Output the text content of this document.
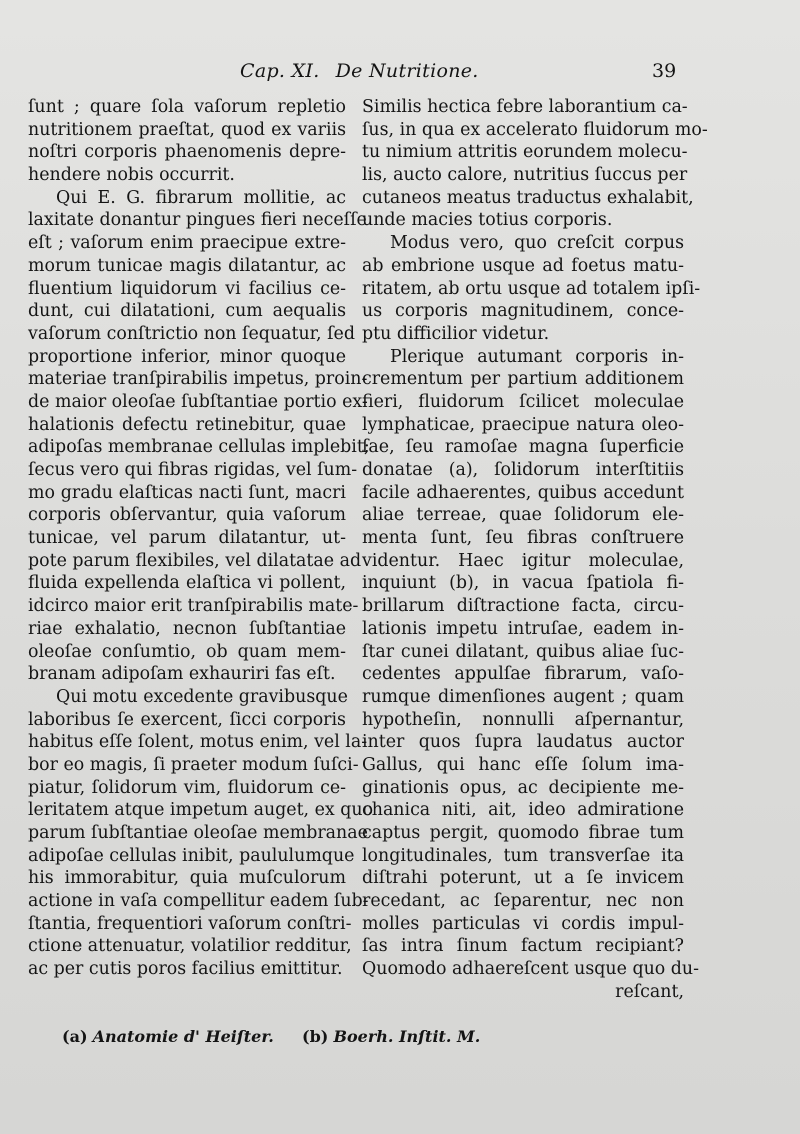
Cap. XI. De Nutritione.	39
ſunt ; quare ſola vaſorum repletio
nutritionem praeſtat, quod ex variis
noſtri corporis phaenomenis depre-
hendere nobis occurrit.
Qui E. G. fibrarum mollitie, ac
laxitate donantur pingues fieri neceſſe
eſt ; vaſorum enim praecipue extre-
morum tunicae magis dilatantur, ac
fluentium liquidorum vi facilius ce-
dunt, cui dilatationi, cum aequalis
vaſorum conſtrictio non ſequatur, ſed
proportione inferior, minor quoque
materiae tranſpirabilis impetus, proin-
de maior oleoſae ſubſtantiae portio ex-
halationis defectu retinebitur, quae
adipoſas membranae cellulas implebit;
ſecus vero qui fibras rigidas, vel ſum-
mo gradu elaſticas nacti ſunt, macri
corporis obſervantur, quia vaſorum
tunicae, vel parum dilatantur, ut-
pote parum flexibiles, vel dilatatae ad
fluida expellenda elaſtica vi pollent,
idcirco maior erit tranſpirabilis mate-
riae exhalatio, necnon ſubſtantiae
oleoſae conſumtio, ob quam mem-
branam adipoſam exhauriri fas eſt.
Qui motu excedente gravibusque
laboribus ſe exercent, ſicci corporis
habitus eſſe ſolent, motus enim, vel la-
bor eo magis, ſi praeter modum ſuſci-
piatur, ſolidorum vim, fluidorum ce-
leritatem atque impetum auget, ex quo
parum ſubſtantiae oleoſae membranae
adipoſae cellulas inibit, paululumque
his immorabitur, quia muſculorum
actione in vaſa compellitur eadem ſub-
ſtantia, frequentiori vaſorum conſtri-
ctione attenuatur, volatilior redditur,
ac per cutis poros facilius emittitur.
Similis hectica febre laborantium ca-
ſus, in qua ex accelerato fluidorum mo-
tu nimium attritis eorundem molecu-
lis, aucto calore, nutritius ſuccus per
cutaneos meatus traductus exhalabit,
unde macies totius corporis.
Modus vero, quo creſcit corpus
ab embrione usque ad foetus matu-
ritatem, ab ortu usque ad totalem ipſi-
us corporis magnitudinem, conce-
ptu difficilior videtur.
Plerique autumant corporis in-
crementum per partium additionem
fieri, fluidorum ſcilicet moleculae
lymphaticae, praecipue natura oleo-
ſae, ſeu ramoſae magna ſuperficie
donatae (a), ſolidorum interſtitiis
facile adhaerentes, quibus accedunt
aliae terreae, quae ſolidorum ele-
menta ſunt, ſeu fibras conſtruere
videntur. Haec igitur moleculae,
inquiunt (b), in vacua ſpatiola fi-
brillarum diſtractione facta, circu-
lationis impetu intruſae, eadem in-
ſtar cunei dilatant, quibus aliae ſuc-
cedentes appulſae fibrarum, vaſo-
rumque dimenſiones augent ; quam
hypotheſin, nonnulli aſpernantur,
inter quos ſupra laudatus auctor
Gallus, qui hanc eſſe ſolum ima-
ginationis opus, ac decipiente me-
chanica niti, ait, ideo admiratione
captus pergit, quomodo fibrae tum
longitudinales, tum transverſae ita
diſtrahi poterunt, ut a ſe invicem
recedant, ac ſeparentur, nec non
molles particulas vi cordis impul-
ſas intra ſinum factum recipiant?
Quomodo adhaereſcent usque quo du-
reſcant,
(a) Anatomie d' Heiſter. (b) Boerh. Inſtit. M.
